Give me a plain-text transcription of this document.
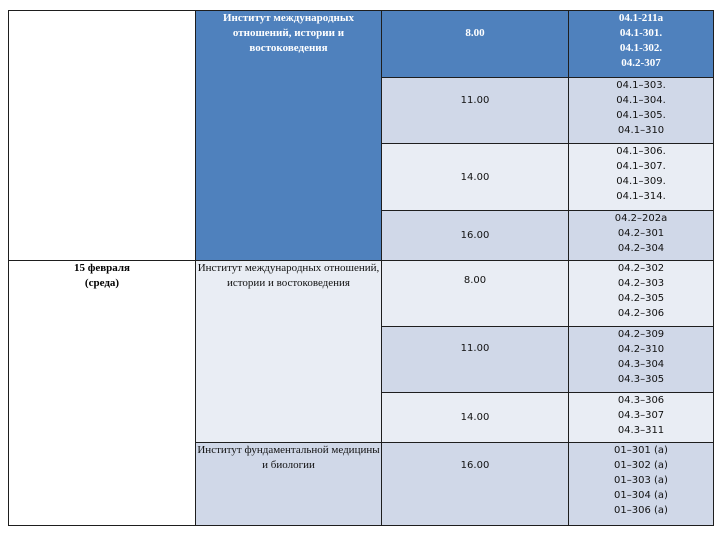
	Институт международных отношений, истории и востоковедения	8.00	04.1-211а
04.1-301.
04.1-302.
04.2-307

		11.00	04.1–303.
04.1–304.
04.1–305.
04.1–310

		14.00	04.1–306.
04.1–307.
04.1–309.
04.1–314.

		16.00	04.2–202а
04.2–301
04.2–304

15 февраля (среда)	Институт международных отношений, истории и востоковедения	8.00	04.2–302
04.2–303
04.2–305
04.2–306

		11.00	04.2–309
04.2–310
04.3–304
04.3–305

		14.00	04.3–306
04.3–307
04.3–311

	Институт фундаментальной медицины и биологии	16.00	01–301 (а)
01–302 (а)
01–303 (а)
01–304 (а)
01–306 (а)
